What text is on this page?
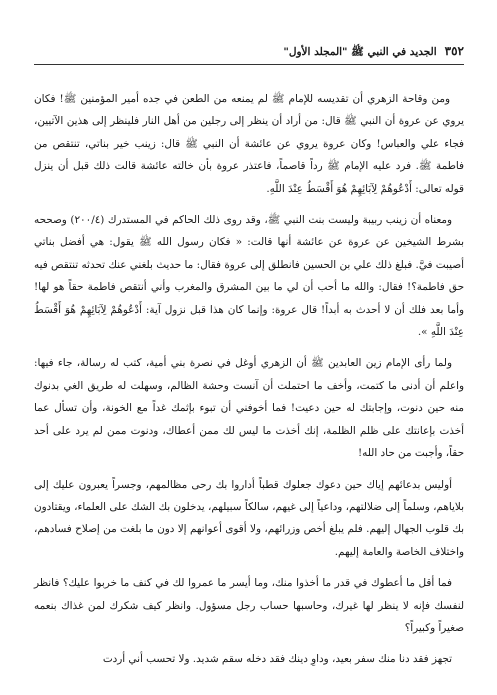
٣٥٢الجديد في النبي ﷺ "المجلد الأول"

ومن وقاحة الزهري أن تقديسه للإمام ﷺ لم يمنعه من الطعن في جده أمير المؤمنين ﷺ! فكان يروي عن عروة أن النبي ﷺ قال: من أراد أن ينظر إلى رجلين من أهل النار فلينظر إلى هذين الآتيين، فجاء علي والعباس! وكان عروة يروي عن عائشة أن النبي ﷺ قال: زينب خير بناتي، تنتقص من فاطمة ﷺ. فرد عليه الإمام ﷺ رداً قاصماً، فاعتذر عروة بأن خالته عائشة قالت ذلك قبل أن ينزل قوله تعالى: أَدْعُوهُمْ لِآبَائِهِمْ هُوَ أَقْسَطُ عِنْدَ اللَّهِ.

ومعناه أن زينب ربيبة وليست بنت النبي ﷺ، وقد روى ذلك الحاكم في المستدرك (٢٠٠/٤) وصححه بشرط الشيخين عن عروة عن عائشة أنها قالت: « فكان رسول الله ﷺ يقول: هي أفضل بناتي أصيبت فيَّ. فبلغ ذلك علي بن الحسين فانطلق إلى عروة فقال: ما حديث بلغني عنك تحدثه تنتقص فيه حق فاطمة؟! فقال: والله ما أحب أن لي ما بين المشرق والمغرب وأني أنتقص فاطمة حقاً هو لها! وأما بعد فلك أن لا أحدث به أبداً! قال عروة: وإنما كان هذا قبل نزول آية: أَدْعُوهُمْ لِآبَائِهِمْ هُوَ أَقْسَطُ عِنْدَ اللَّهِ ».

ولما رأى الإمام زين العابدين ﷺ أن الزهري أوغل في نصرة بني أمية، كتب له رسالة، جاء فيها: واعلم أن أدنى ما كتمت، وأخف ما احتملت أن آنست وحشة الظالم، وسهلت له طريق الغي بدنوك منه حين دنوت، وإجابتك له حين دعيت! فما أخوفني أن تبوء بإثمك غداً مع الخونة، وأن تسأل عما أخذت بإعانتك على ظلم الظلمة، إنك أخذت ما ليس لك ممن أعطاك، ودنوت ممن لم يرد على أحد حقاً، وأجبت من حاد الله!

أوليس بدعائهم إياك حين دعوك جعلوك قطباً أداروا بك رحى مظالمهم، وجسراً يعبرون عليك إلى بلاياهم، وسلماً إلى ضلالتهم، وداعياً إلى غيهم، سالكاً سبيلهم، يدخلون بك الشك على العلماء، ويقتادون بك قلوب الجهال إليهم. فلم يبلغ أخص وزرائهم، ولا أقوى أعوانهم إلا دون ما بلغت من إصلاح فسادهم، واختلاف الخاصة والعامة إليهم.

فما أقل ما أعطوك في قدر ما أخذوا منك، وما أيسر ما عمروا لك في كنف ما خربوا عليك؟ فانظر لنفسك فإنه لا ينظر لها غيرك، وحاسبها حساب رجل مسؤول. وانظر كيف شكرك لمن غذاك بنعمه صغيراً وكبيراً؟

تجهز فقد دنا منك سفر بعيد، وداوِ دينك فقد دخله سقم شديد. ولا تحسب أني أردت
